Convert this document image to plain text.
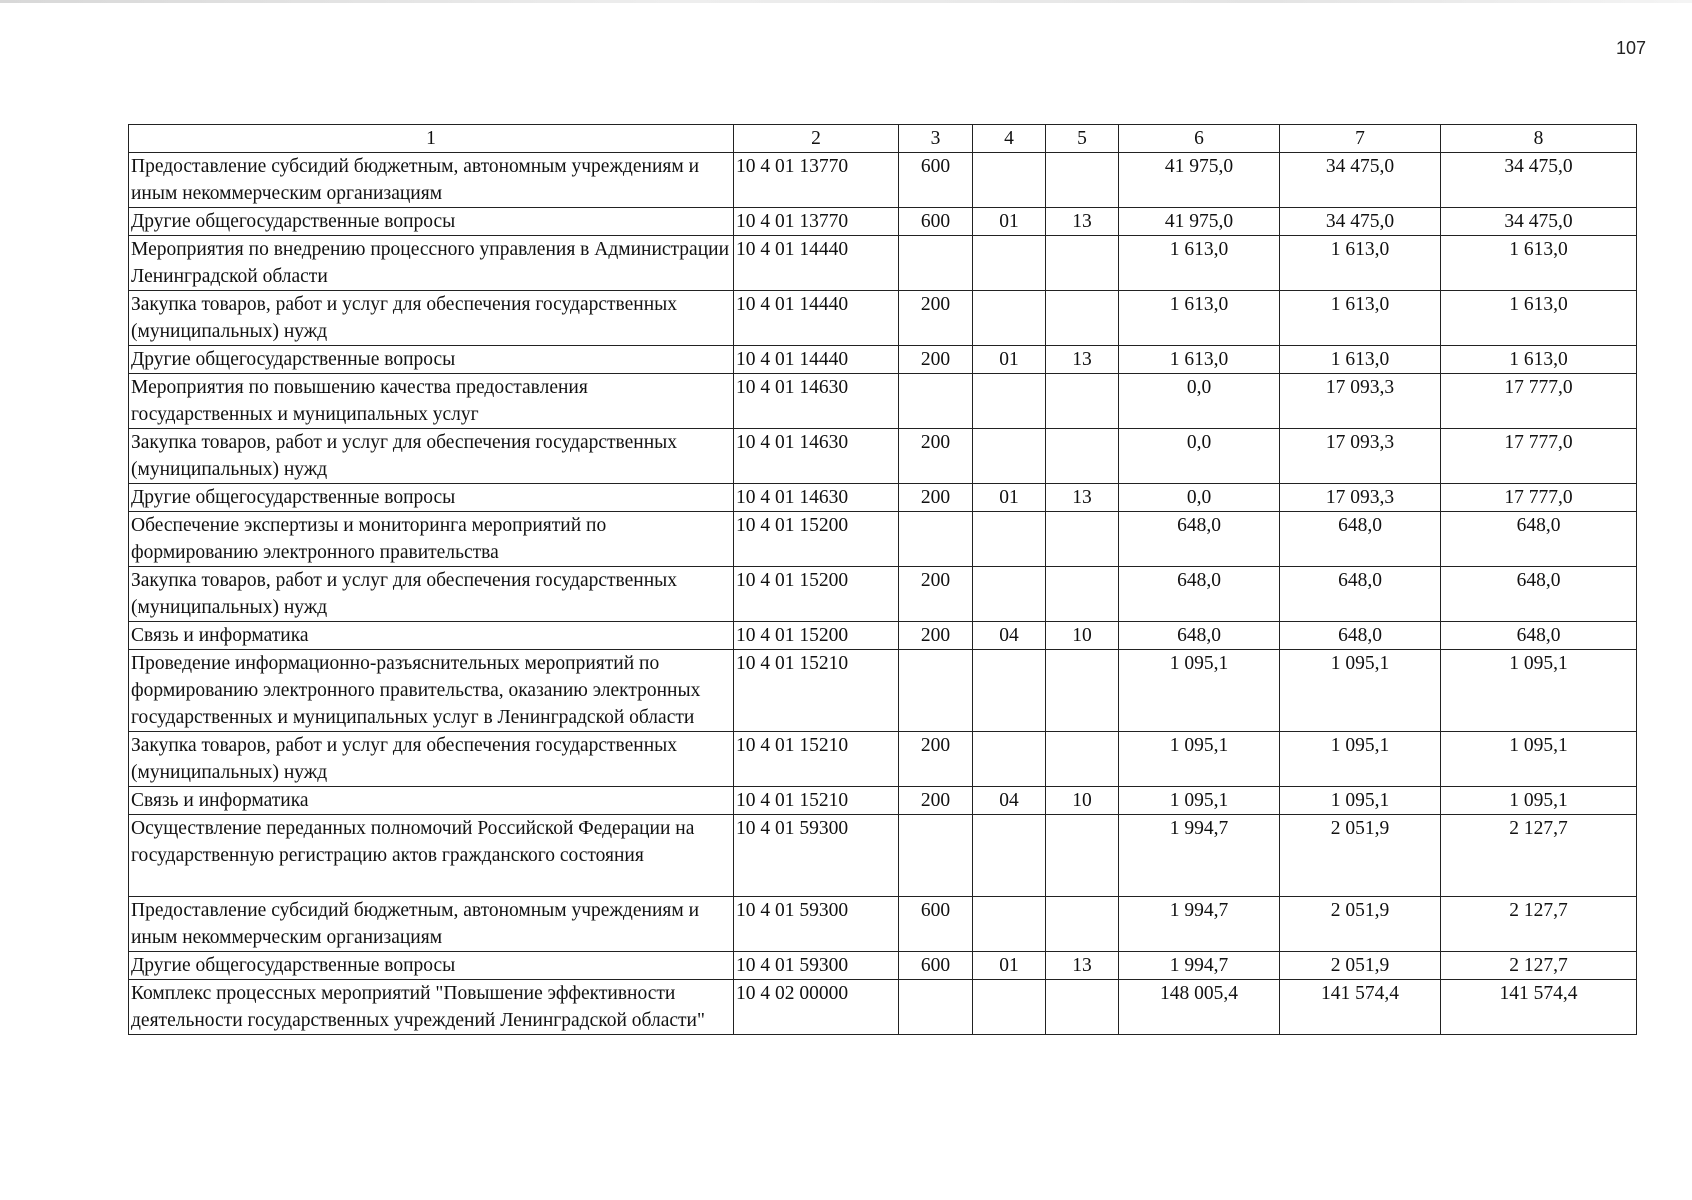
107
1	2	3	4	5	6	7	8
Предоставление субсидий бюджетным, автономным учреждениям и иным некоммерческим организациям	10 4 01 13770	600			41 975,0	34 475,0	34 475,0
Другие общегосударственные вопросы	10 4 01 13770	600	01	13	41 975,0	34 475,0	34 475,0
Мероприятия по внедрению процессного управления в Администрации Ленинградской области	10 4 01 14440				1 613,0	1 613,0	1 613,0
Закупка товаров, работ и услуг для обеспечения государственных (муниципальных) нужд	10 4 01 14440	200			1 613,0	1 613,0	1 613,0
Другие общегосударственные вопросы	10 4 01 14440	200	01	13	1 613,0	1 613,0	1 613,0
Мероприятия по повышению качества предоставления государственных и муниципальных услуг	10 4 01 14630				0,0	17 093,3	17 777,0
Закупка товаров, работ и услуг для обеспечения государственных (муниципальных) нужд	10 4 01 14630	200			0,0	17 093,3	17 777,0
Другие общегосударственные вопросы	10 4 01 14630	200	01	13	0,0	17 093,3	17 777,0
Обеспечение экспертизы и мониторинга мероприятий по формированию электронного правительства	10 4 01 15200				648,0	648,0	648,0
Закупка товаров, работ и услуг для обеспечения государственных (муниципальных) нужд	10 4 01 15200	200			648,0	648,0	648,0
Связь и информатика	10 4 01 15200	200	04	10	648,0	648,0	648,0
Проведение информационно-разъяснительных мероприятий по формированию электронного правительства, оказанию электронных государственных и муниципальных услуг в Ленинградской области	10 4 01 15210				1 095,1	1 095,1	1 095,1
Закупка товаров, работ и услуг для обеспечения государственных (муниципальных) нужд	10 4 01 15210	200			1 095,1	1 095,1	1 095,1
Связь и информатика	10 4 01 15210	200	04	10	1 095,1	1 095,1	1 095,1
Осуществление переданных полномочий Российской Федерации на государственную регистрацию актов гражданского состояния	10 4 01 59300				1 994,7	2 051,9	2 127,7
Предоставление субсидий бюджетным, автономным учреждениям и иным некоммерческим организациям	10 4 01 59300	600			1 994,7	2 051,9	2 127,7
Другие общегосударственные вопросы	10 4 01 59300	600	01	13	1 994,7	2 051,9	2 127,7
Комплекс процессных мероприятий "Повышение эффективности деятельности государственных учреждений Ленинградской области"	10 4 02 00000				148 005,4	141 574,4	141 574,4
